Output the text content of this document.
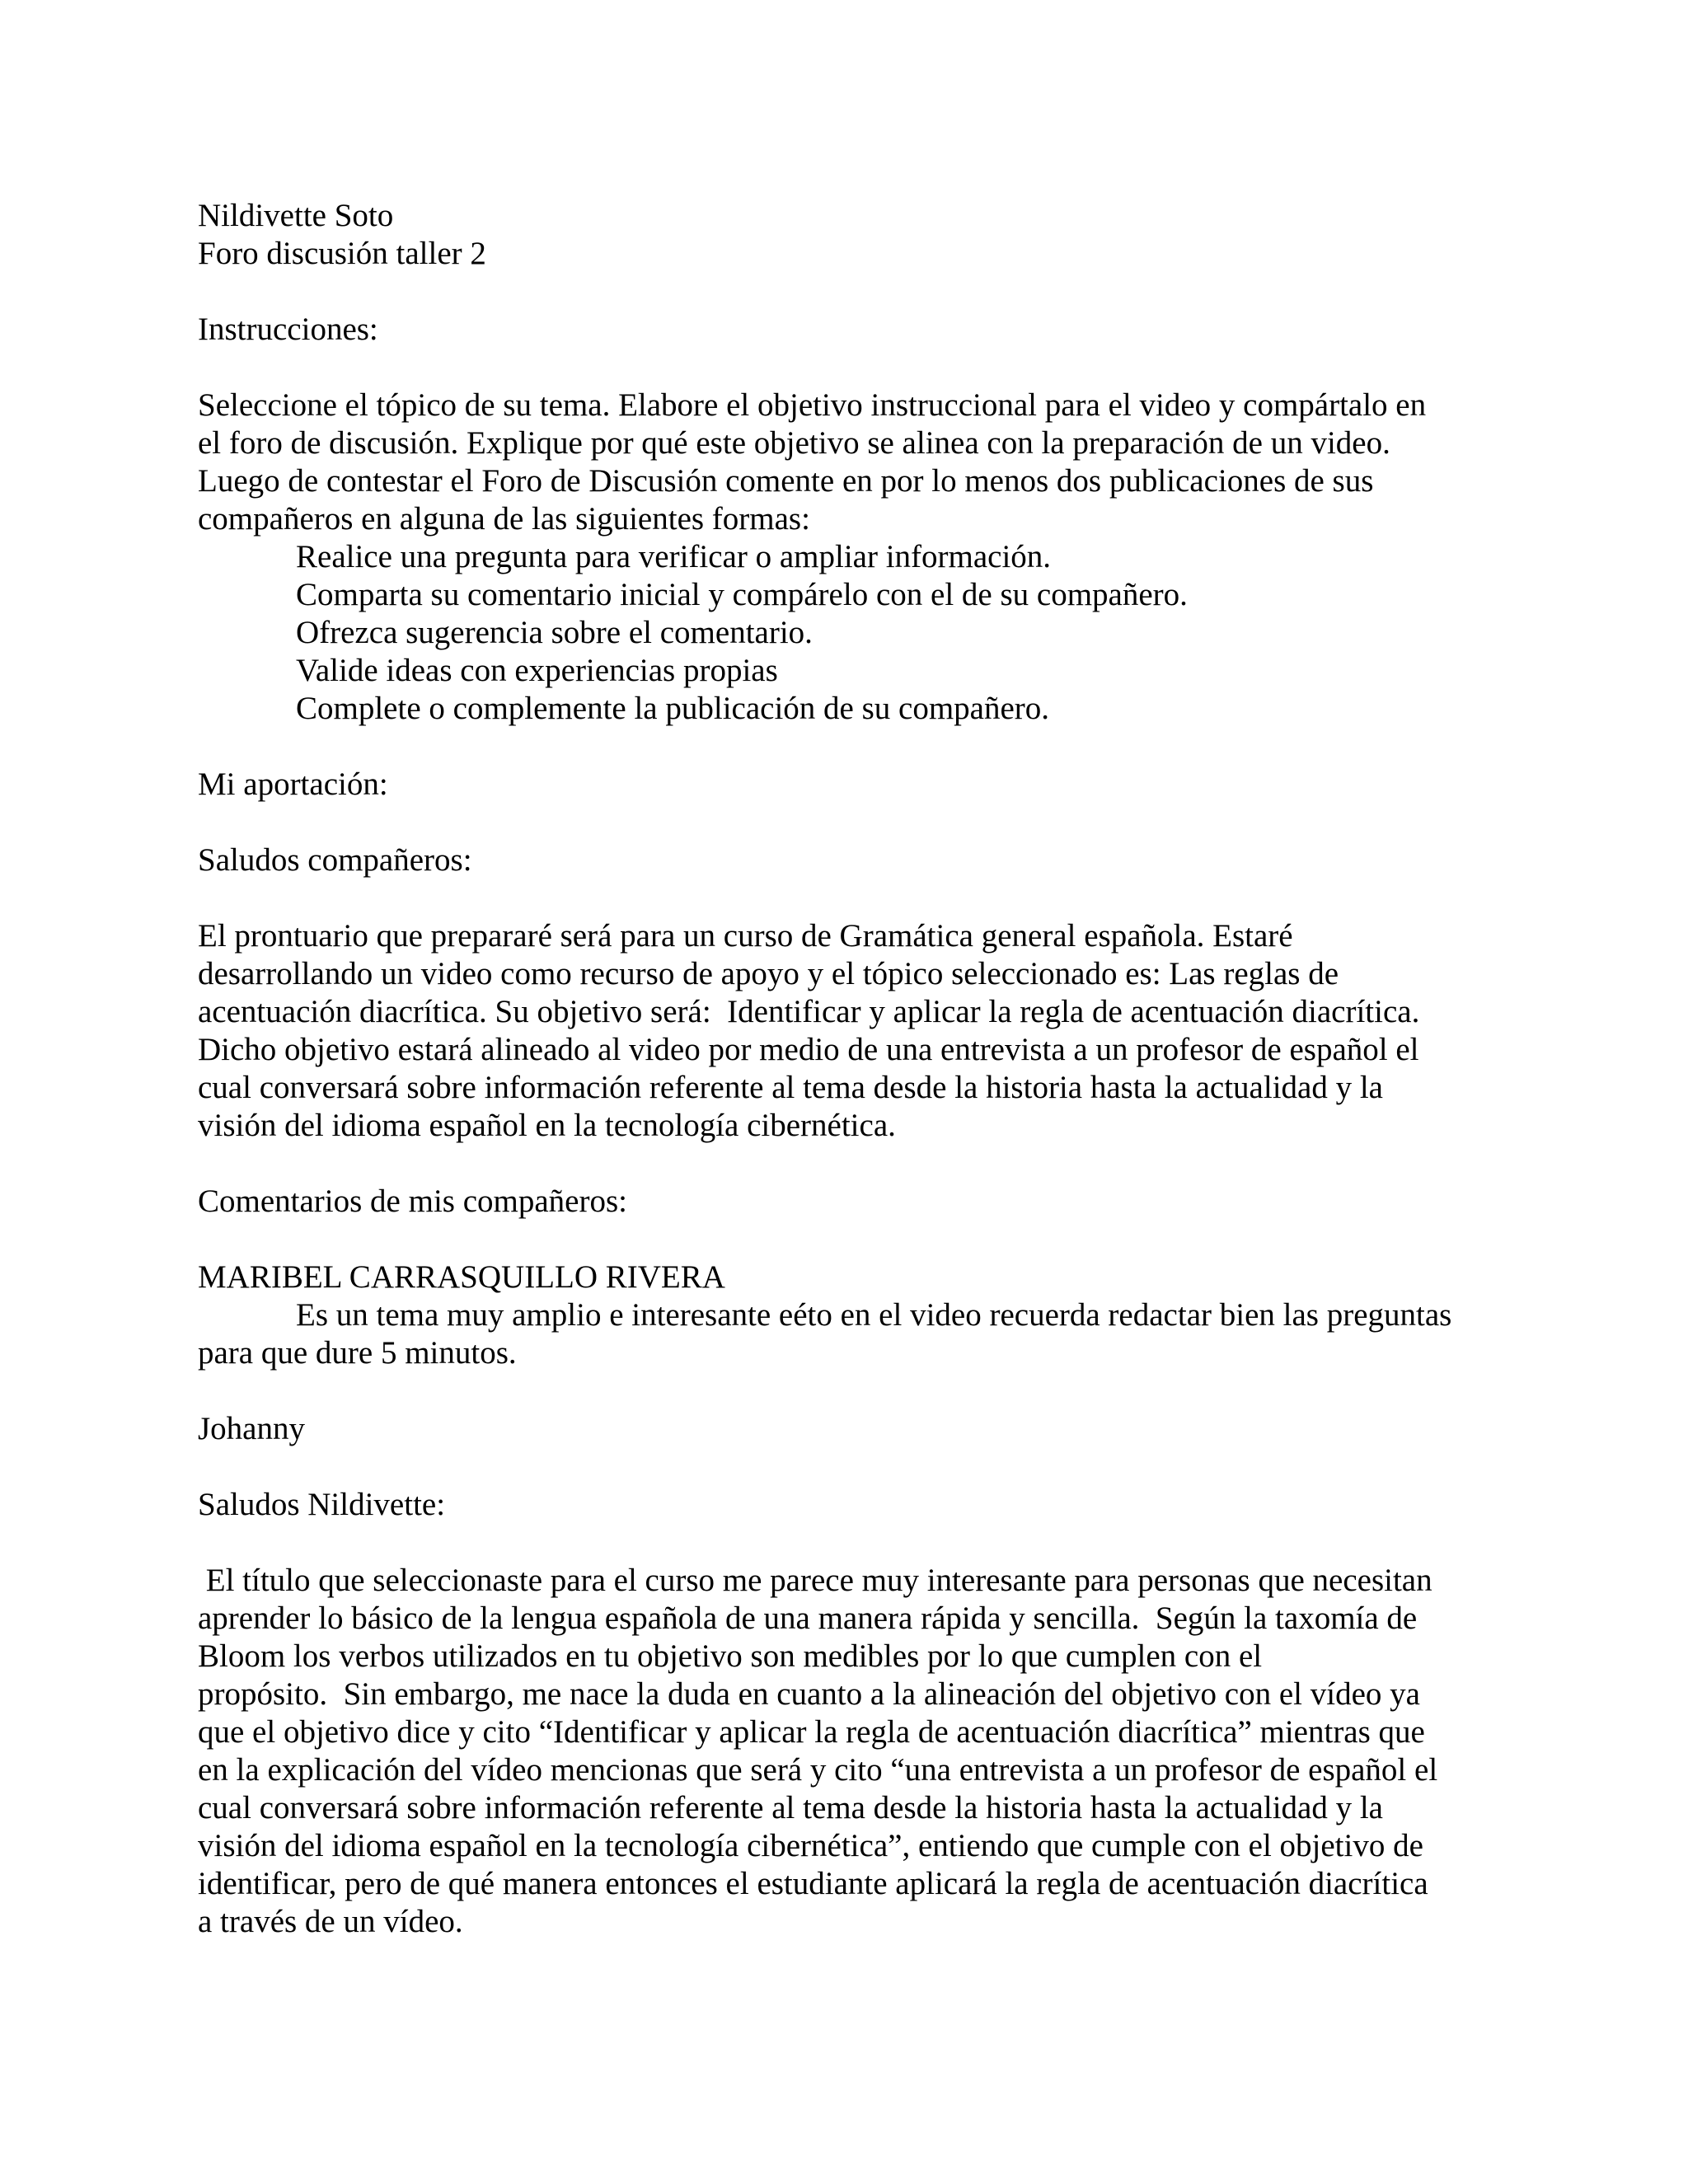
Nildivette Soto
Foro discusión taller 2
Instrucciones:
Seleccione el tópico de su tema. Elabore el objetivo instruccional para el video y compártalo en
el foro de discusión. Explique por qué este objetivo se alinea con la preparación de un video.
Luego de contestar el Foro de Discusión comente en por lo menos dos publicaciones de sus
compañeros en alguna de las siguientes formas:
Realice una pregunta para verificar o ampliar información.
Comparta su comentario inicial y compárelo con el de su compañero.
Ofrezca sugerencia sobre el comentario.
Valide ideas con experiencias propias
Complete o complemente la publicación de su compañero.
Mi aportación:
Saludos compañeros:
El prontuario que prepararé será para un curso de Gramática general española. Estaré
desarrollando un video como recurso de apoyo y el tópico seleccionado es: Las reglas de
acentuación diacrítica. Su objetivo será:  Identificar y aplicar la regla de acentuación diacrítica.
Dicho objetivo estará alineado al video por medio de una entrevista a un profesor de español el
cual conversará sobre información referente al tema desde la historia hasta la actualidad y la
visión del idioma español en la tecnología cibernética.
Comentarios de mis compañeros:
MARIBEL CARRASQUILLO RIVERA
Es un tema muy amplio e interesante eéto en el video recuerda redactar bien las preguntas
para que dure 5 minutos.
Johanny
Saludos Nildivette:
El título que seleccionaste para el curso me parece muy interesante para personas que necesitan
aprender lo básico de la lengua española de una manera rápida y sencilla.  Según la taxomía de
Bloom los verbos utilizados en tu objetivo son medibles por lo que cumplen con el
propósito.  Sin embargo, me nace la duda en cuanto a la alineación del objetivo con el vídeo ya
que el objetivo dice y cito “Identificar y aplicar la regla de acentuación diacrítica” mientras que
en la explicación del vídeo mencionas que será y cito “una entrevista a un profesor de español el
cual conversará sobre información referente al tema desde la historia hasta la actualidad y la
visión del idioma español en la tecnología cibernética”, entiendo que cumple con el objetivo de
identificar, pero de qué manera entonces el estudiante aplicará la regla de acentuación diacrítica
a través de un vídeo.
